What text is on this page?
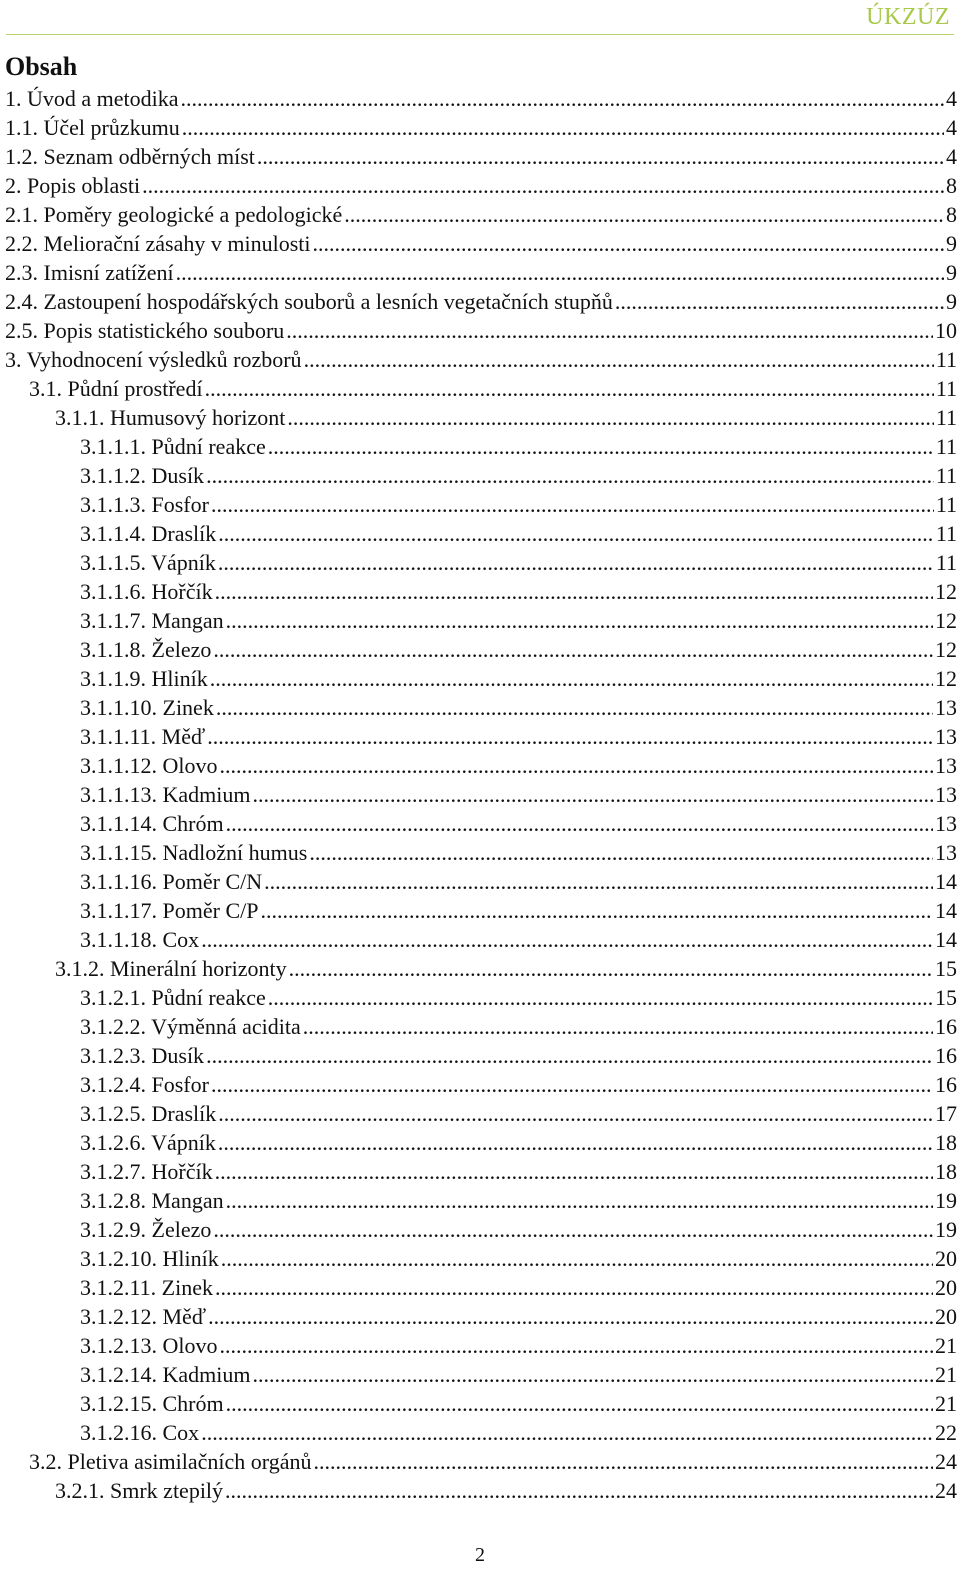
ÚKZÚZ
Obsah
1. Úvod a metodika .....	4
1.1. Účel průzkumu .....	4
1.2. Seznam odběrných míst .....	4
2. Popis oblasti .....	8
2.1. Poměry geologické a pedologické .....	8
2.2. Meliorační zásahy v minulosti .....	9
2.3. Imisní zatížení .....	9
2.4. Zastoupení hospodářských souborů a lesních vegetačních stupňů .....	9
2.5. Popis statistického souboru .....	10
3. Vyhodnocení výsledků rozborů .....	11
3.1. Půdní prostředí .....	11
3.1.1. Humusový horizont .....	11
3.1.1.1. Půdní reakce .....	11
3.1.1.2. Dusík .....	11
3.1.1.3. Fosfor .....	11
3.1.1.4. Draslík .....	11
3.1.1.5. Vápník .....	11
3.1.1.6. Hořčík .....	12
3.1.1.7. Mangan .....	12
3.1.1.8. Železo .....	12
3.1.1.9. Hliník .....	12
3.1.1.10. Zinek .....	13
3.1.1.11. Měď .....	13
3.1.1.12. Olovo .....	13
3.1.1.13. Kadmium .....	13
3.1.1.14. Chróm .....	13
3.1.1.15. Nadložní humus .....	13
3.1.1.16. Poměr C/N .....	14
3.1.1.17. Poměr C/P .....	14
3.1.1.18. Cox .....	14
3.1.2. Minerální horizonty .....	15
3.1.2.1. Půdní reakce .....	15
3.1.2.2. Výměnná acidita .....	16
3.1.2.3. Dusík .....	16
3.1.2.4. Fosfor .....	16
3.1.2.5. Draslík .....	17
3.1.2.6. Vápník .....	18
3.1.2.7. Hořčík .....	18
3.1.2.8. Mangan .....	19
3.1.2.9. Železo .....	19
3.1.2.10. Hliník .....	20
3.1.2.11. Zinek .....	20
3.1.2.12. Měď .....	20
3.1.2.13. Olovo .....	21
3.1.2.14. Kadmium .....	21
3.1.2.15. Chróm .....	21
3.1.2.16. Cox .....	22
3.2. Pletiva asimilačních orgánů .....	24
3.2.1. Smrk ztepilý .....	24
2
